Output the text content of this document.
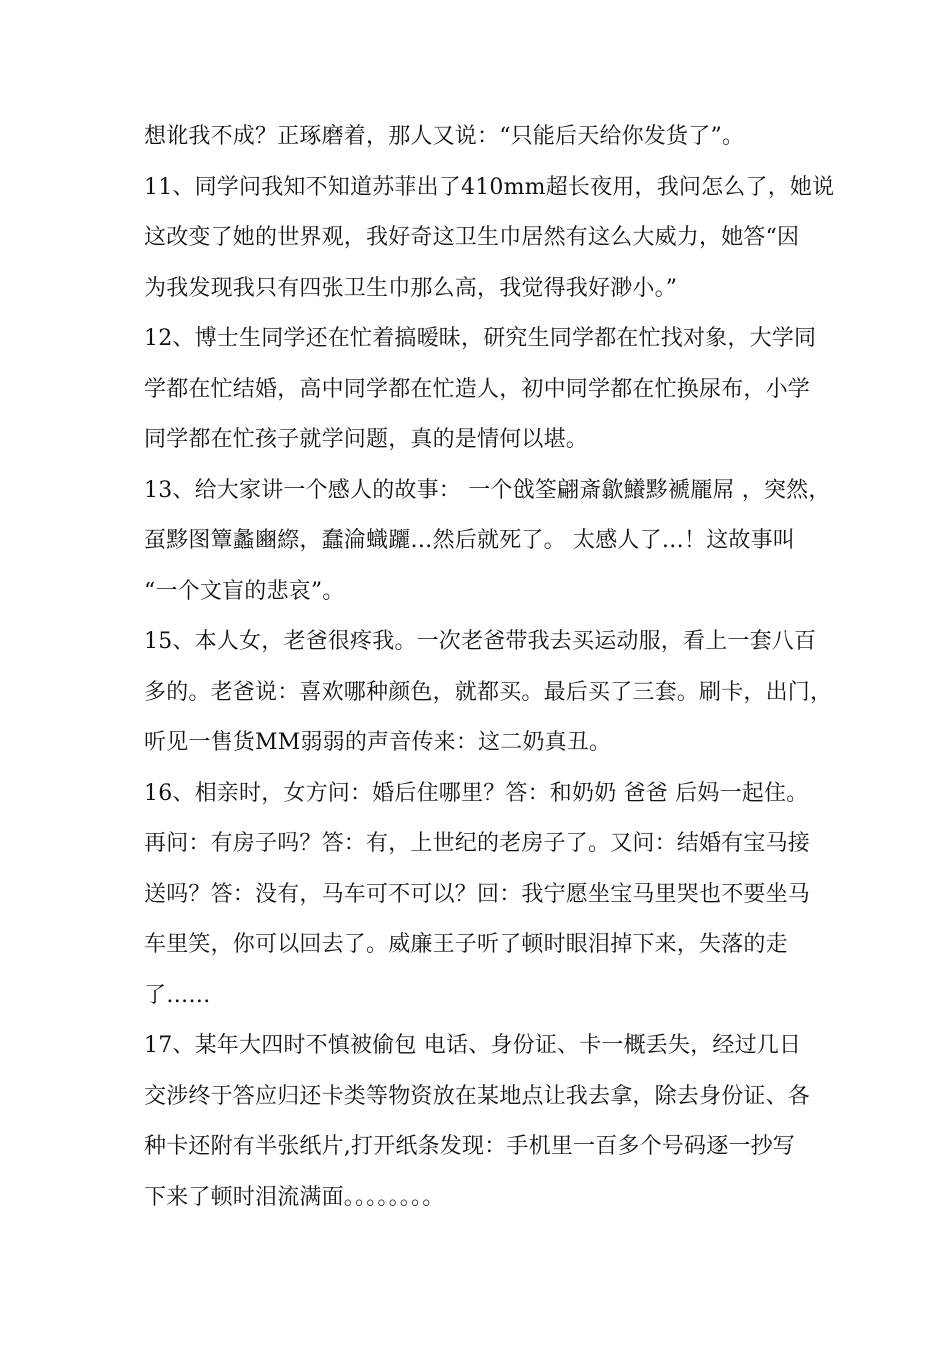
想讹我不成？正琢磨着，那人又说：“只能后天给你发货了”。
11、同学问我知不知道苏菲出了410mm超长夜用，我问怎么了，她说
这改变了她的世界观，我好奇这卫生巾居然有这么大威力，她答“因
为我发现我只有四张卫生巾那么高，我觉得我好渺小。”
12、博士生同学还在忙着搞暧昧，研究生同学都在忙找对象，大学同
学都在忙结婚，高中同学都在忙造人，初中同学都在忙换尿布，小学
同学都在忙孩子就学问题，真的是情何以堪。
13、给大家讲一个感人的故事： 一个戗筌翩斎歙鱶黟褫龎屌 ，突然，
虿黟图簟蠡豳縩，蠢淪蟙躧…然后就死了。 太感人了…！这故事叫
“一个文盲的悲哀”。
15、本人女，老爸很疼我。一次老爸带我去买运动服，看上一套八百
多的。老爸说：喜欢哪种颜色，就都买。最后买了三套。刷卡，出门，
听见一售货MM弱弱的声音传来：这二奶真丑。
16、相亲时，女方问：婚后住哪里？答：和奶奶 爸爸 后妈一起住。
再问：有房子吗？答：有，上世纪的老房子了。又问：结婚有宝马接
送吗？答：没有，马车可不可以？回：我宁愿坐宝马里哭也不要坐马
车里笑，你可以回去了。威廉王子听了顿时眼泪掉下来，失落的走
了……
17、某年大四时不慎被偷包 电话、身份证、卡一概丢失，经过几日
交涉终于答应归还卡类等物资放在某地点让我去拿，除去身份证、各
种卡还附有半张纸片,打开纸条发现：手机里一百多个号码逐一抄写
下来了顿时泪流满面。。。。。。。。
